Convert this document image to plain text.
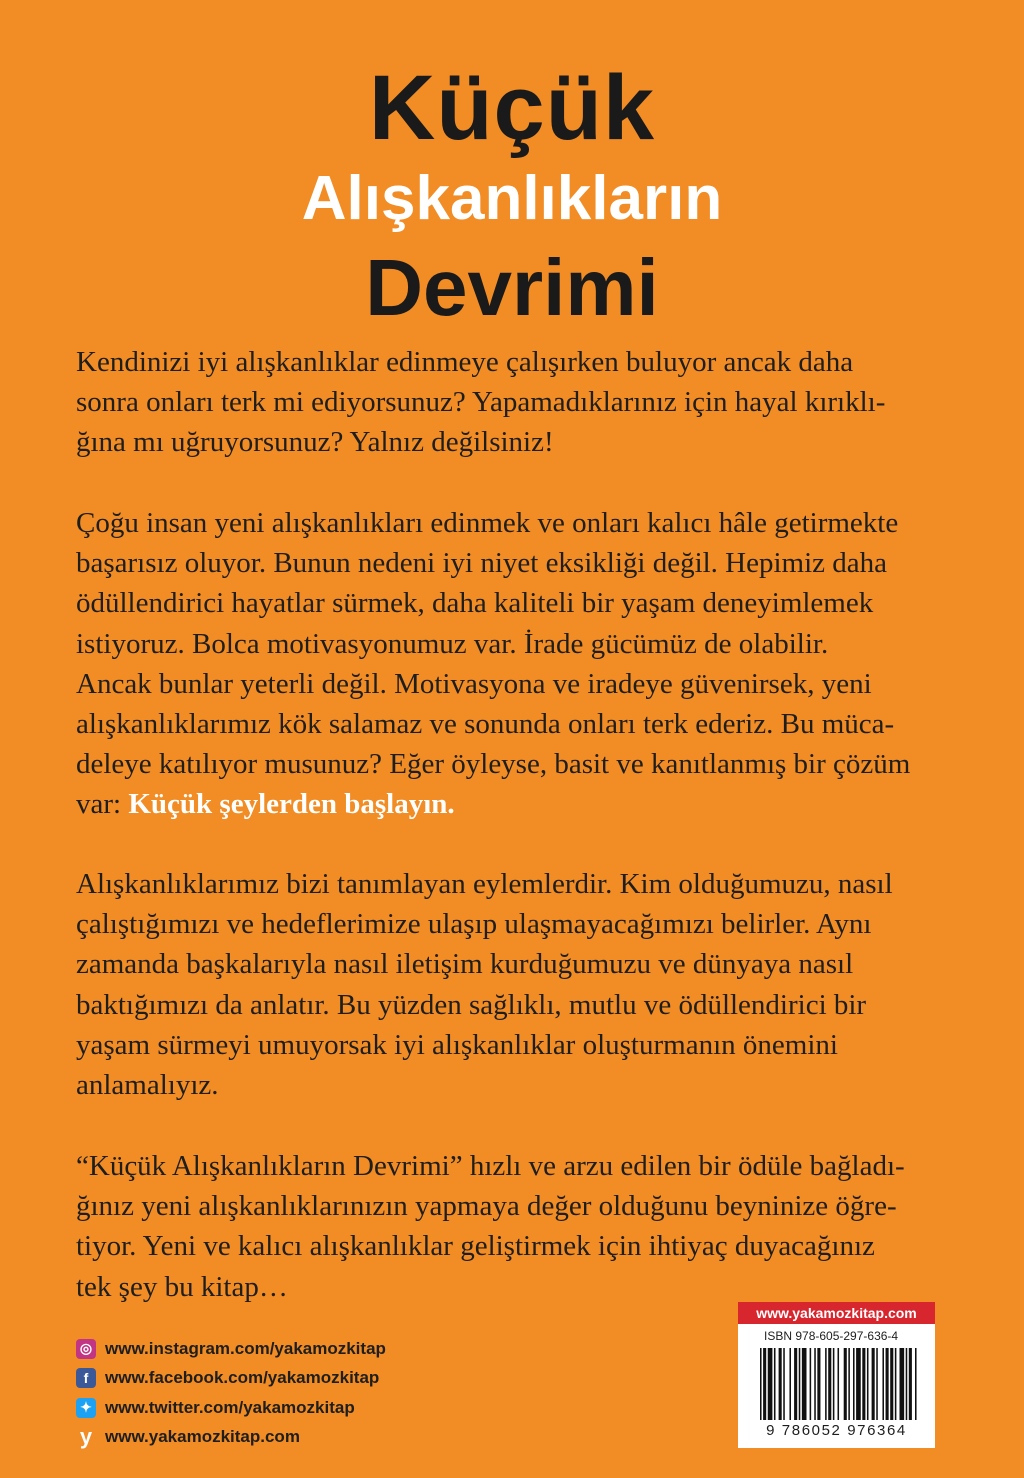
Küçük
Alışkanlıkların
Devrimi
Kendinizi iyi alışkanlıklar edinmeye çalışırken buluyor ancak daha
sonra onları terk mi ediyorsunuz? Yapamadıklarınız için hayal kırıklı-
ğına mı uğruyorsunuz? Yalnız değilsiniz!
Çoğu insan yeni alışkanlıkları edinmek ve onları kalıcı hâle getirmekte
başarısız oluyor. Bunun nedeni iyi niyet eksikliği değil. Hepimiz daha
ödüllendirici hayatlar sürmek, daha kaliteli bir yaşam deneyimlemek
istiyoruz. Bolca motivasyonumuz var. İrade gücümüz de olabilir.
Ancak bunlar yeterli değil. Motivasyona ve iradeye güvenirsek, yeni
alışkanlıklarımız kök salamaz ve sonunda onları terk ederiz. Bu müca-
deleye katılıyor musunuz? Eğer öyleyse, basit ve kanıtlanmış bir çözüm
var: Küçük şeylerden başlayın.
Alışkanlıklarımız bizi tanımlayan eylemlerdir. Kim olduğumuzu, nasıl
çalıştığımızı ve hedeflerimize ulaşıp ulaşmayacağımızı belirler. Aynı
zamanda başkalarıyla nasıl iletişim kurduğumuzu ve dünyaya nasıl
baktığımızı da anlatır. Bu yüzden sağlıklı, mutlu ve ödüllendirici bir
yaşam sürmeyi umuyorsak iyi alışkanlıklar oluşturmanın önemini
anlamalıyız.
“Küçük Alışkanlıkların Devrimi” hızlı ve arzu edilen bir ödüle bağladı-
ğınız yeni alışkanlıklarınızın yapmaya değer olduğunu beyninize öğre-
tiyor. Yeni ve kalıcı alışkanlıklar geliştirmek için ihtiyaç duyacağınız
tek şey bu kitap…
◎ www.instagram.com/yakamozkitap
f www.facebook.com/yakamozkitap
✦ www.twitter.com/yakamozkitap
y www.yakamozkitap.com
www.yakamozkitap.com
ISBN 978-605-297-636-4
9 786052 976364
